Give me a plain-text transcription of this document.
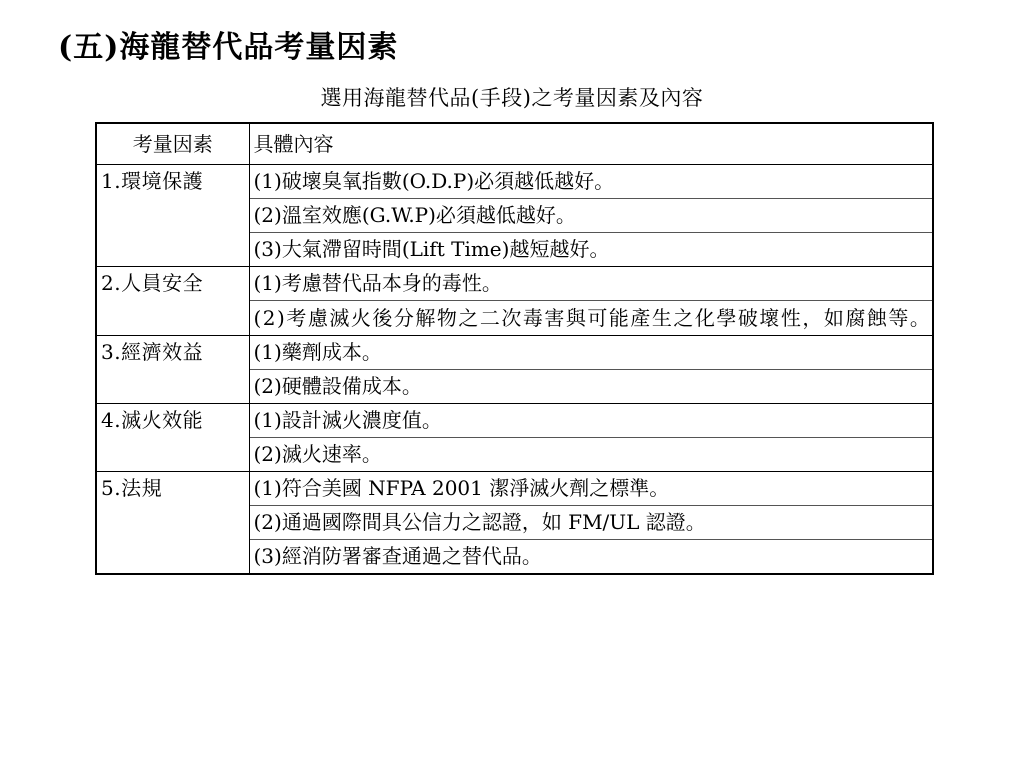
(五)海龍替代品考量因素
選用海龍替代品(手段)之考量因素及內容
考量因素	具體內容
1.環境保護	(1)破壞臭氧指數(O.D.P)必須越低越好。
	(2)溫室效應(G.W.P)必須越低越好。
	(3)大氣滯留時間(Lift Time)越短越好。
2.人員安全	(1)考慮替代品本身的毒性。
	(2)考慮滅火後分解物之二次毒害與可能產生之化學破壞性，如腐蝕等。
3.經濟效益	(1)藥劑成本。
	(2)硬體設備成本。
4.滅火效能	(1)設計滅火濃度值。
	(2)滅火速率。
5.法規	(1)符合美國 NFPA 2001 潔淨滅火劑之標準。
	(2)通過國際間具公信力之認證，如 FM/UL 認證。
	(3)經消防署審查通過之替代品。
